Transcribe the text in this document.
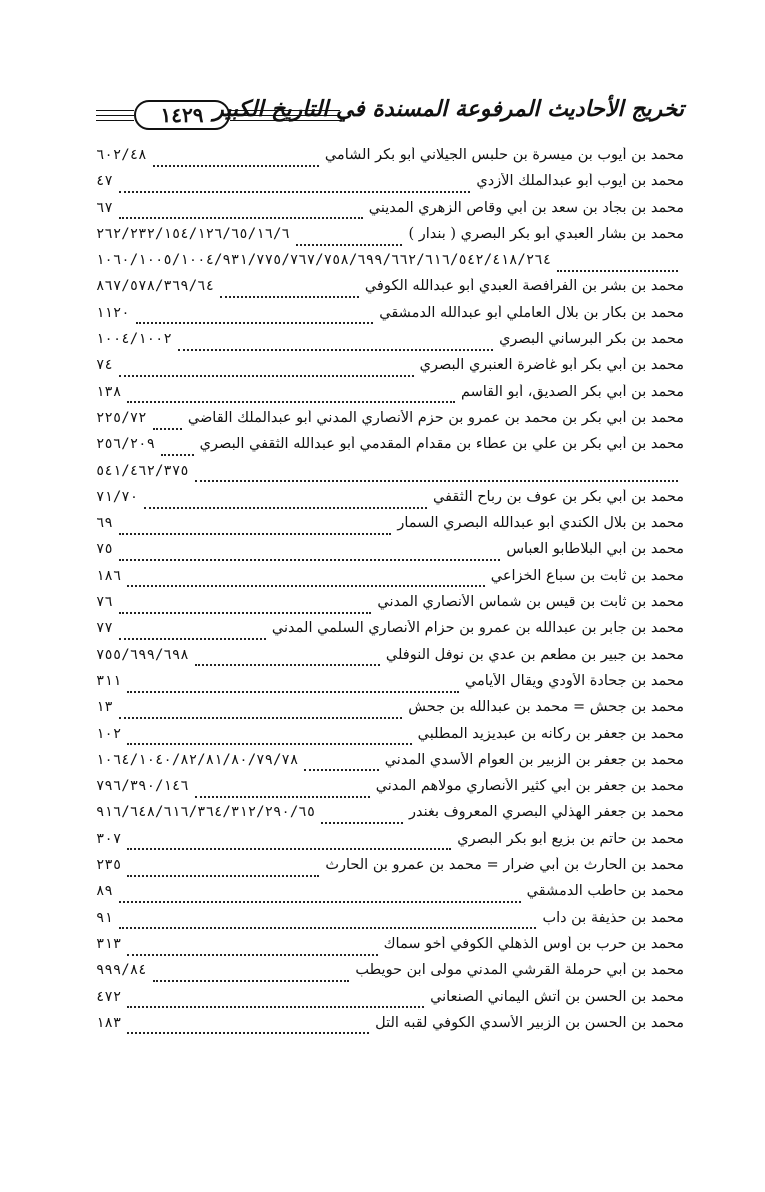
١٤٢٩ تخريج الأحاديث المرفوعة المسندة في التاريخ الكبير
محمد بن أيوب بن ميسرة بن حلبس الجيلاني أبو بكر الشامي
٦٠٢/٤٨
محمد بن أيوب أبو عبدالملك الأزدي
٤٧
محمد بن بجاد بن سعد بن أبي وقاص الزهري المديني
٦٧
محمد بن بشار العبدي أبو بكر البصري ( بندار )
٢٦٢/٢٣٢/١٥٤/١٢٦/٦٥/١٦/٦
١٠٦٠/١٠٠٥/١٠٠٤/٩٣١/٧٧٥/٧٦٧/٧٥٨/٦٩٩/٦٦٢/٦١٦/٥٤٢/٤١٨/٢٦٤
محمد بن بشر بن الفرافصة العبدي أبو عبدالله الكوفي
٨٦٧/٥٧٨/٣٦٩/٦٤
محمد بن بكار بن بلال العاملي أبو عبدالله الدمشقي
١١٢٠
محمد بن بكر البرساني البصري
١٠٠٤/١٠٠٢
محمد بن أبي بكر أبو غاضرة العنبري البصري
٧٤
محمد بن أبي بكر الصديق، أبو القاسم
١٣٨
محمد بن أبي بكر بن محمد بن عمرو بن حزم الأنصاري المدني أبو عبدالملك القاضي
٢٢٥/٧٢
محمد بن أبي بكر بن علي بن عطاء بن مقدام المقدمي أبو عبدالله الثقفي البصري
٢٥٦/٢٠٩
٥٤١/٤٦٢/٣٧٥
محمد بن أبي بكر بن عوف بن رباح الثقفي
٧١/٧٠
محمد بن بلال الكندي أبو عبدالله البصري السمار
٦٩
محمد بن أبي البلاطابو العباس
٧٥
محمد بن ثابت بن سباع الخزاعي
١٨٦
محمد بن ثابت بن قيس بن شماس الأنصاري المدني
٧٦
محمد بن جابر بن عبدالله بن عمرو بن حزام الأنصاري السلمي المدني
٧٧
محمد بن جبير بن مطعم بن عدي بن نوفل النوفلي
٧٥٥/٦٩٩/٦٩٨
محمد بن جحادة الأودي ويقال الأيامي
٣١١
محمد بن جحش = محمد بن عبدالله بن جحش
١٣
محمد بن جعفر بن ركانه بن عبديزيد المطلبي
١٠٢
محمد بن جعفر بن الزبير بن العوام الأسدي المدني
١٠٦٤/١٠٤٠/٨٢/٨١/٨٠/٧٩/٧٨
محمد بن جعفر بن أبي كثير الأنصاري مولاهم المدني
٧٩٦/٣٩٠/١٤٦
محمد بن جعفر الهذلي البصري المعروف بغندر
٩١٦/٦٤٨/٦١٦/٣٦٤/٣١٢/٢٩٠/٦٥
محمد بن حاتم بن بزيع أبو بكر البصري
٣٠٧
محمد بن الحارث بن أبي ضرار = محمد بن عمرو بن الحارث
٢٣٥
محمد بن حاطب الدمشقي
٨٩
محمد بن حذيفة بن داب
٩١
محمد بن حرب بن أوس الذهلي الكوفي أخو سماك
٣١٣
محمد بن أبي حرملة القرشي المدني مولى ابن حويطب
٩٩٩/٨٤
محمد بن الحسن بن آتش اليماني الصنعاني
٤٧٢
محمد بن الحسن بن الزبير الأسدي الكوفي لقبه التل
١٨٣
